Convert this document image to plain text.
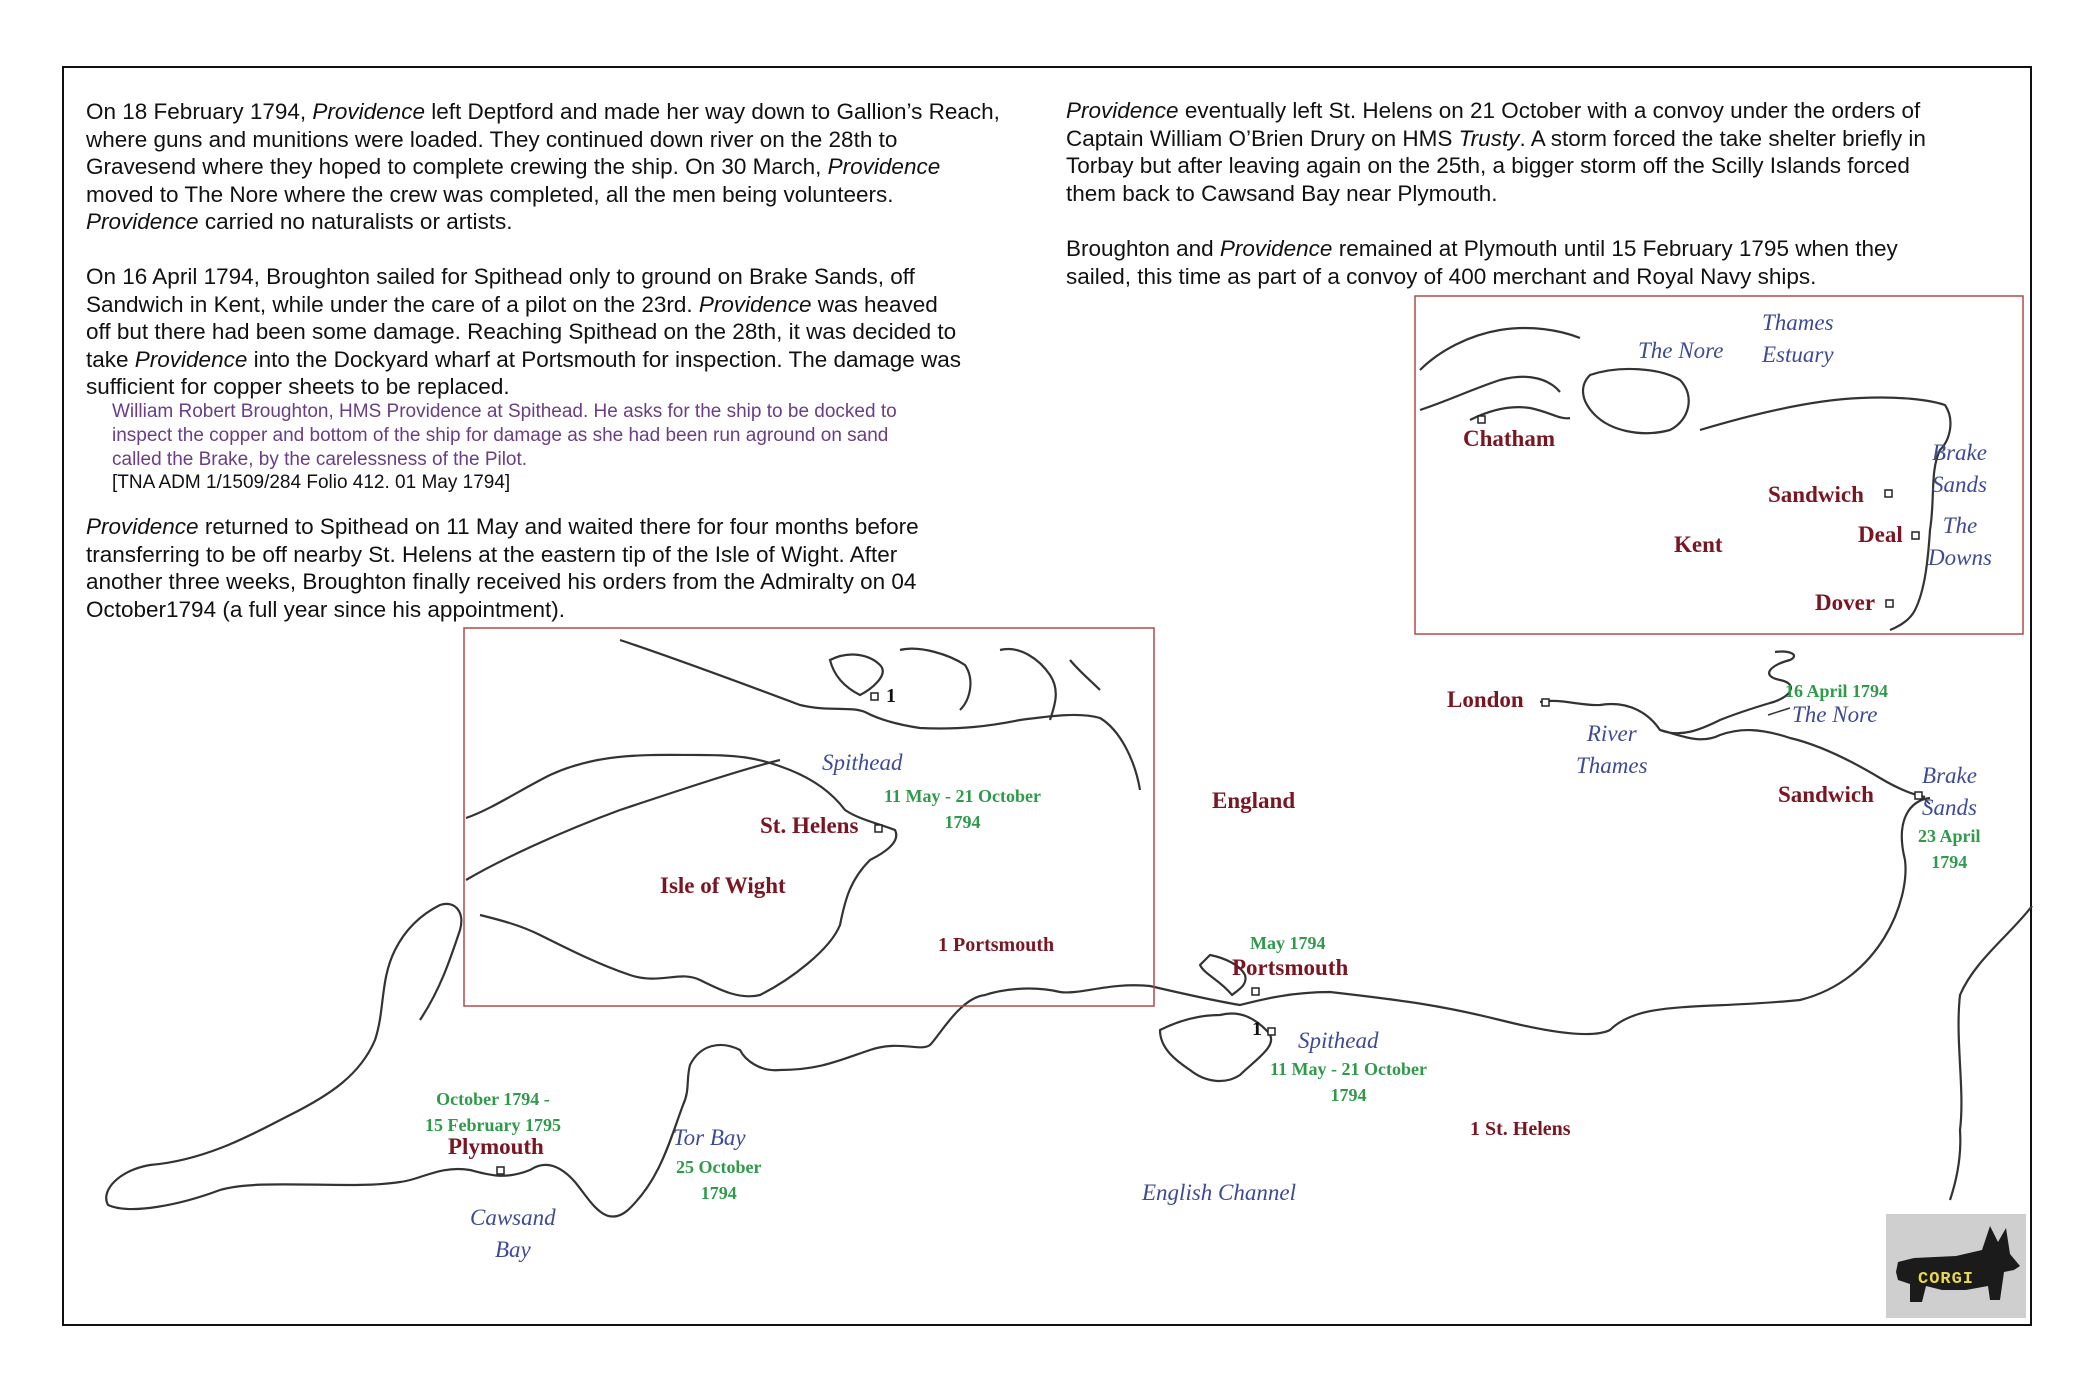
On 18 February 1794, Providence left Deptford and made her way down to Gallion’s Reach, where guns and munitions were loaded. They continued down river on the 28th to Gravesend where they hoped to complete crewing the ship. On 30 March, Providence moved to The Nore where the crew was completed, all the men being volunteers. Providence carried no naturalists or artists.

On 16 April 1794, Broughton sailed for Spithead only to ground on Brake Sands, off Sandwich in Kent, while under the care of a pilot on the 23rd. Providence was heaved off but there had been some damage. Reaching Spithead on the 28th, it was decided to take Providence into the Dockyard wharf at Portsmouth for inspection. The damage was sufficient for copper sheets to be replaced.

William Robert Broughton, HMS Providence at Spithead. He asks for the ship to be docked to inspect the copper and bottom of the ship for damage as she had been run aground on sand called the Brake, by the carelessness of the Pilot.
[TNA ADM 1/1509/284 Folio 412. 01 May 1794]

Providence returned to Spithead on 11 May and waited there for four months before transferring to be off nearby St. Helens at the eastern tip of the Isle of Wight. After another three weeks, Broughton finally received his orders from the Admiralty on 04 October1794 (a full year since his appointment).

Providence eventually left St. Helens on 21 October with a convoy under the orders of Captain William O’Brien Drury on HMS Trusty. A storm forced the take shelter briefly in Torbay but after leaving again on the 25th, a bigger storm off the Scilly Islands forced them back to Cawsand Bay near Plymouth.

Broughton and Providence remained at Plymouth until 15 February 1795 when they sailed, this time as part of a convoy of 400 merchant and Royal Navy ships.

Thames
Estuary
The Nore
Chatham
Brake
Sands
Sandwich
The
Downs
Kent	Deal
Dover
London	16 April 1794
The Nore
River
Thames
Sandwich
Brake
Sands
23 April
1794
England
Spithead
11 May - 21 October
1794
St. Helens
Isle of Wight
1 Portsmouth
1
May 1794
Portsmouth
1 Spithead
11 May - 21 October
1794
1 St. Helens
October 1794 -
15 February 1795
Plymouth
Cawsand
Bay
Tor Bay
25 October
1794	English Channel
CORGI
